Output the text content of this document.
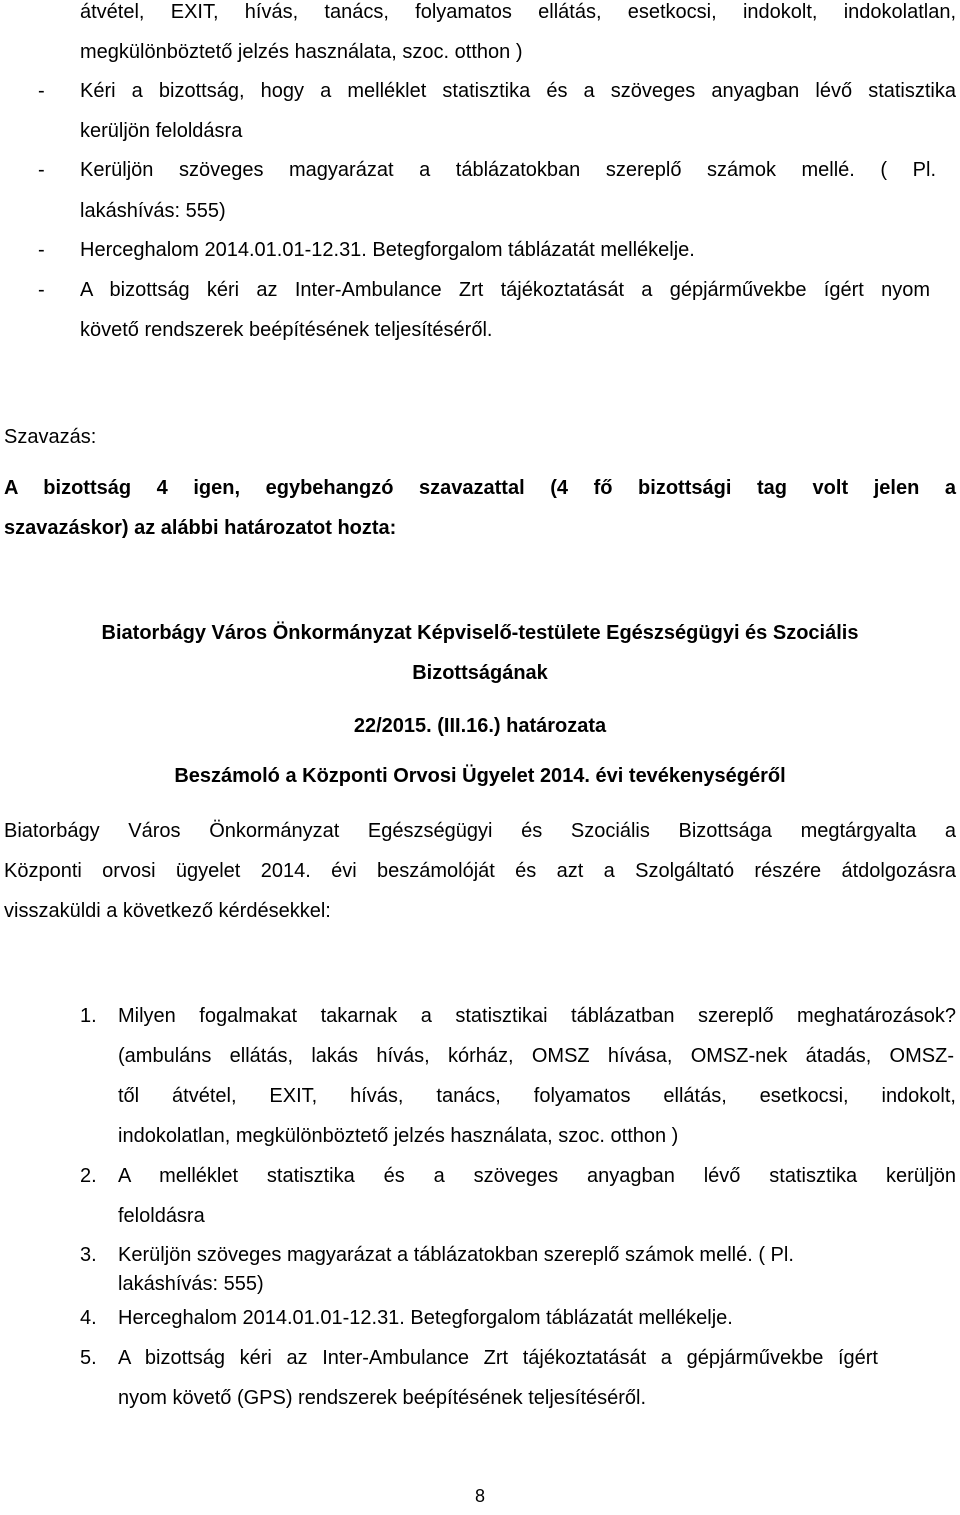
átvétel, EXIT, hívás, tanács, folyamatos ellátás, esetkocsi, indokolt, indokolatlan,
megkülönböztető jelzés használata, szoc. otthon )
- Kéri a bizottság, hogy a melléklet statisztika és a szöveges anyagban lévő statisztika
kerüljön feloldásra
- Kerüljön szöveges magyarázat a táblázatokban szereplő számok mellé. ( Pl.
lakáshívás: 555)
- Herceghalom 2014.01.01-12.31. Betegforgalom táblázatát mellékelje.
- A bizottság kéri az Inter-Ambulance Zrt tájékoztatását a gépjárművekbe ígért nyom
követő rendszerek beépítésének teljesítéséről.
Szavazás:
A bizottság 4 igen, egybehangzó szavazattal (4 fő bizottsági tag volt jelen a
szavazáskor) az alábbi határozatot hozta:
Biatorbágy Város Önkormányzat Képviselő-testülete Egészségügyi és Szociális
Bizottságának
22/2015. (III.16.) határozata
Beszámoló a Központi Orvosi Ügyelet 2014. évi tevékenységéről
Biatorbágy Város Önkormányzat Egészségügyi és Szociális Bizottsága megtárgyalta a
Központi orvosi ügyelet 2014. évi beszámolóját és azt a Szolgáltató részére átdolgozásra
visszaküldi a következő kérdésekkel:
1. Milyen fogalmakat takarnak a statisztikai táblázatban szereplő meghatározások?
(ambuláns ellátás, lakás hívás, kórház, OMSZ hívása, OMSZ-nek átadás, OMSZ-
től átvétel, EXIT, hívás, tanács, folyamatos ellátás, esetkocsi, indokolt,
indokolatlan, megkülönböztető jelzés használata, szoc. otthon )
2. A melléklet statisztika és a szöveges anyagban lévő statisztika kerüljön
feloldásra
3. Kerüljön szöveges magyarázat a táblázatokban szereplő számok mellé. ( Pl.
lakáshívás: 555)
4. Herceghalom 2014.01.01-12.31. Betegforgalom táblázatát mellékelje.
5. A bizottság kéri az Inter-Ambulance Zrt tájékoztatását a gépjárművekbe ígért
nyom követő (GPS) rendszerek beépítésének teljesítéséről.
8
